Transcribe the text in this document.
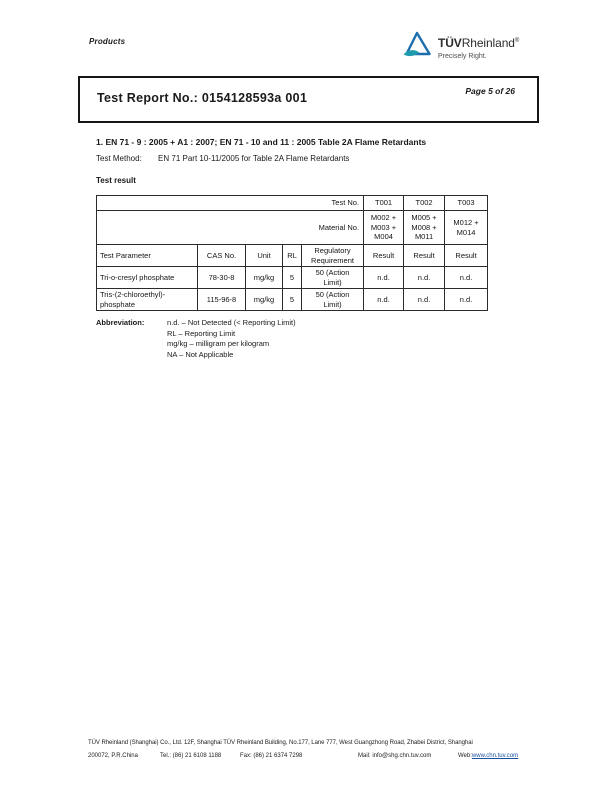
Products	TÜVRheinland®
Precisely Right.
Test Report No.: 0154128593a 001	Page 5 of 26
1. EN 71 - 9 : 2005 + A1 : 2007; EN 71 - 10 and 11 : 2005 Table 2A Flame Retardants
Test Method: EN 71 Part 10-11/2005 for Table 2A Flame Retardants
Test result
Test No.					T001	T002	T003
Material No.					M002 + M003 + M004	M005 + M008 + M011	M012 + M014
Test Parameter	CAS No.	Unit	RL	Regulatory Requirement	Result	Result	Result
Tri-o-cresyl phosphate	78-30-8	mg/kg	5	50 (Action Limit)	n.d.	n.d.	n.d.
Tris-(2-chloroethyl)-phosphate	115-96-8	mg/kg	5	50 (Action Limit)	n.d.	n.d.	n.d.
Abbreviation:	n.d. – Not Detected (< Reporting Limit)
RL – Reporting Limit
mg/kg – milligram per kilogram
NA – Not Applicable
TÜV Rheinland (Shanghai) Co., Ltd. 12F, Shanghai TÜV Rheinland Building, No.177, Lane 777, West Guangzhong Road, Zhabei District, Shanghai
200072, P.R.China	Tel.: (86) 21 6108 1188	Fax: (86) 21 6374 7298	Mail: info@shg.chn.tuv.com	Web:www.chn.tuv.com
